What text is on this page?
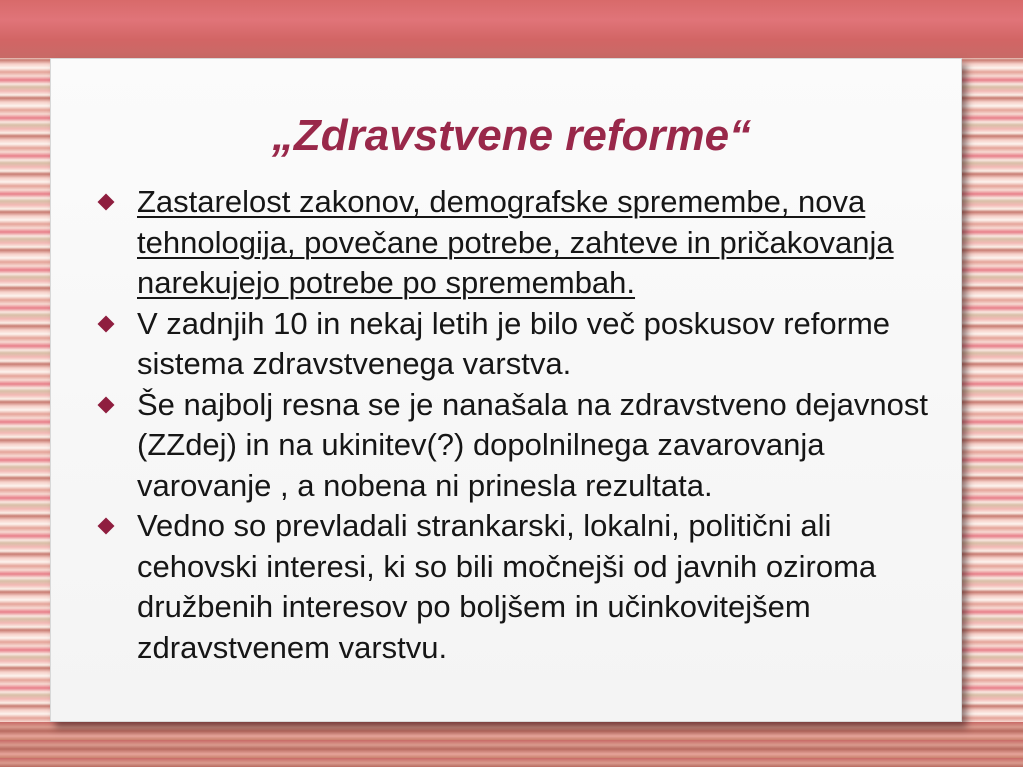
„Zdravstvene reforme“
Zastarelost zakonov, demografske spremembe, nova tehnologija, povečane potrebe, zahteve in pričakovanja narekujejo potrebe po spremembah.
V zadnjih 10 in nekaj letih je bilo več poskusov reforme sistema zdravstvenega varstva.
Še najbolj resna se je nanašala na zdravstveno dejavnost (ZZdej) in na ukinitev(?) dopolnilnega zavarovanja varovanje , a nobena ni prinesla rezultata.
Vedno so prevladali strankarski, lokalni, politični ali cehovski interesi, ki so bili močnejši od javnih oziroma družbenih interesov po boljšem in učinkovitejšem zdravstvenem varstvu.
